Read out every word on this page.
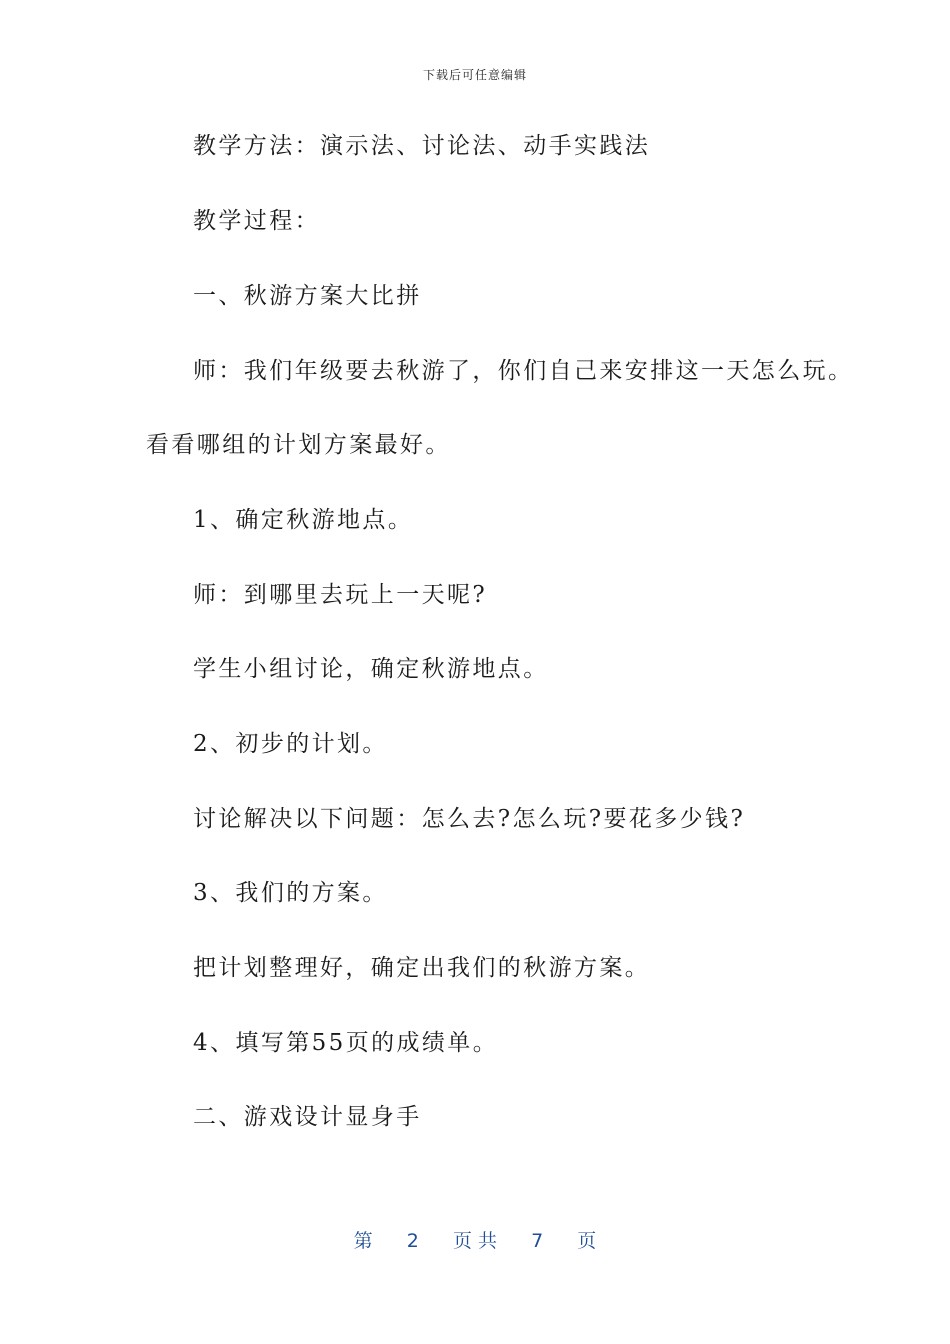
下载后可任意编辑
教学方法：演示法、讨论法、动手实践法
教学过程：
一、秋游方案大比拼
师：我们年级要去秋游了，你们自己来安排这一天怎么玩。
看看哪组的计划方案最好。
1、确定秋游地点。
师：到哪里去玩上一天呢?
学生小组讨论，确定秋游地点。
2、初步的计划。
讨论解决以下问题：怎么去?怎么玩?要花多少钱?
3、我们的方案。
把计划整理好，确定出我们的秋游方案。
4、填写第55页的成绩单。
二、游戏设计显身手
第 2 页 共 7 页
